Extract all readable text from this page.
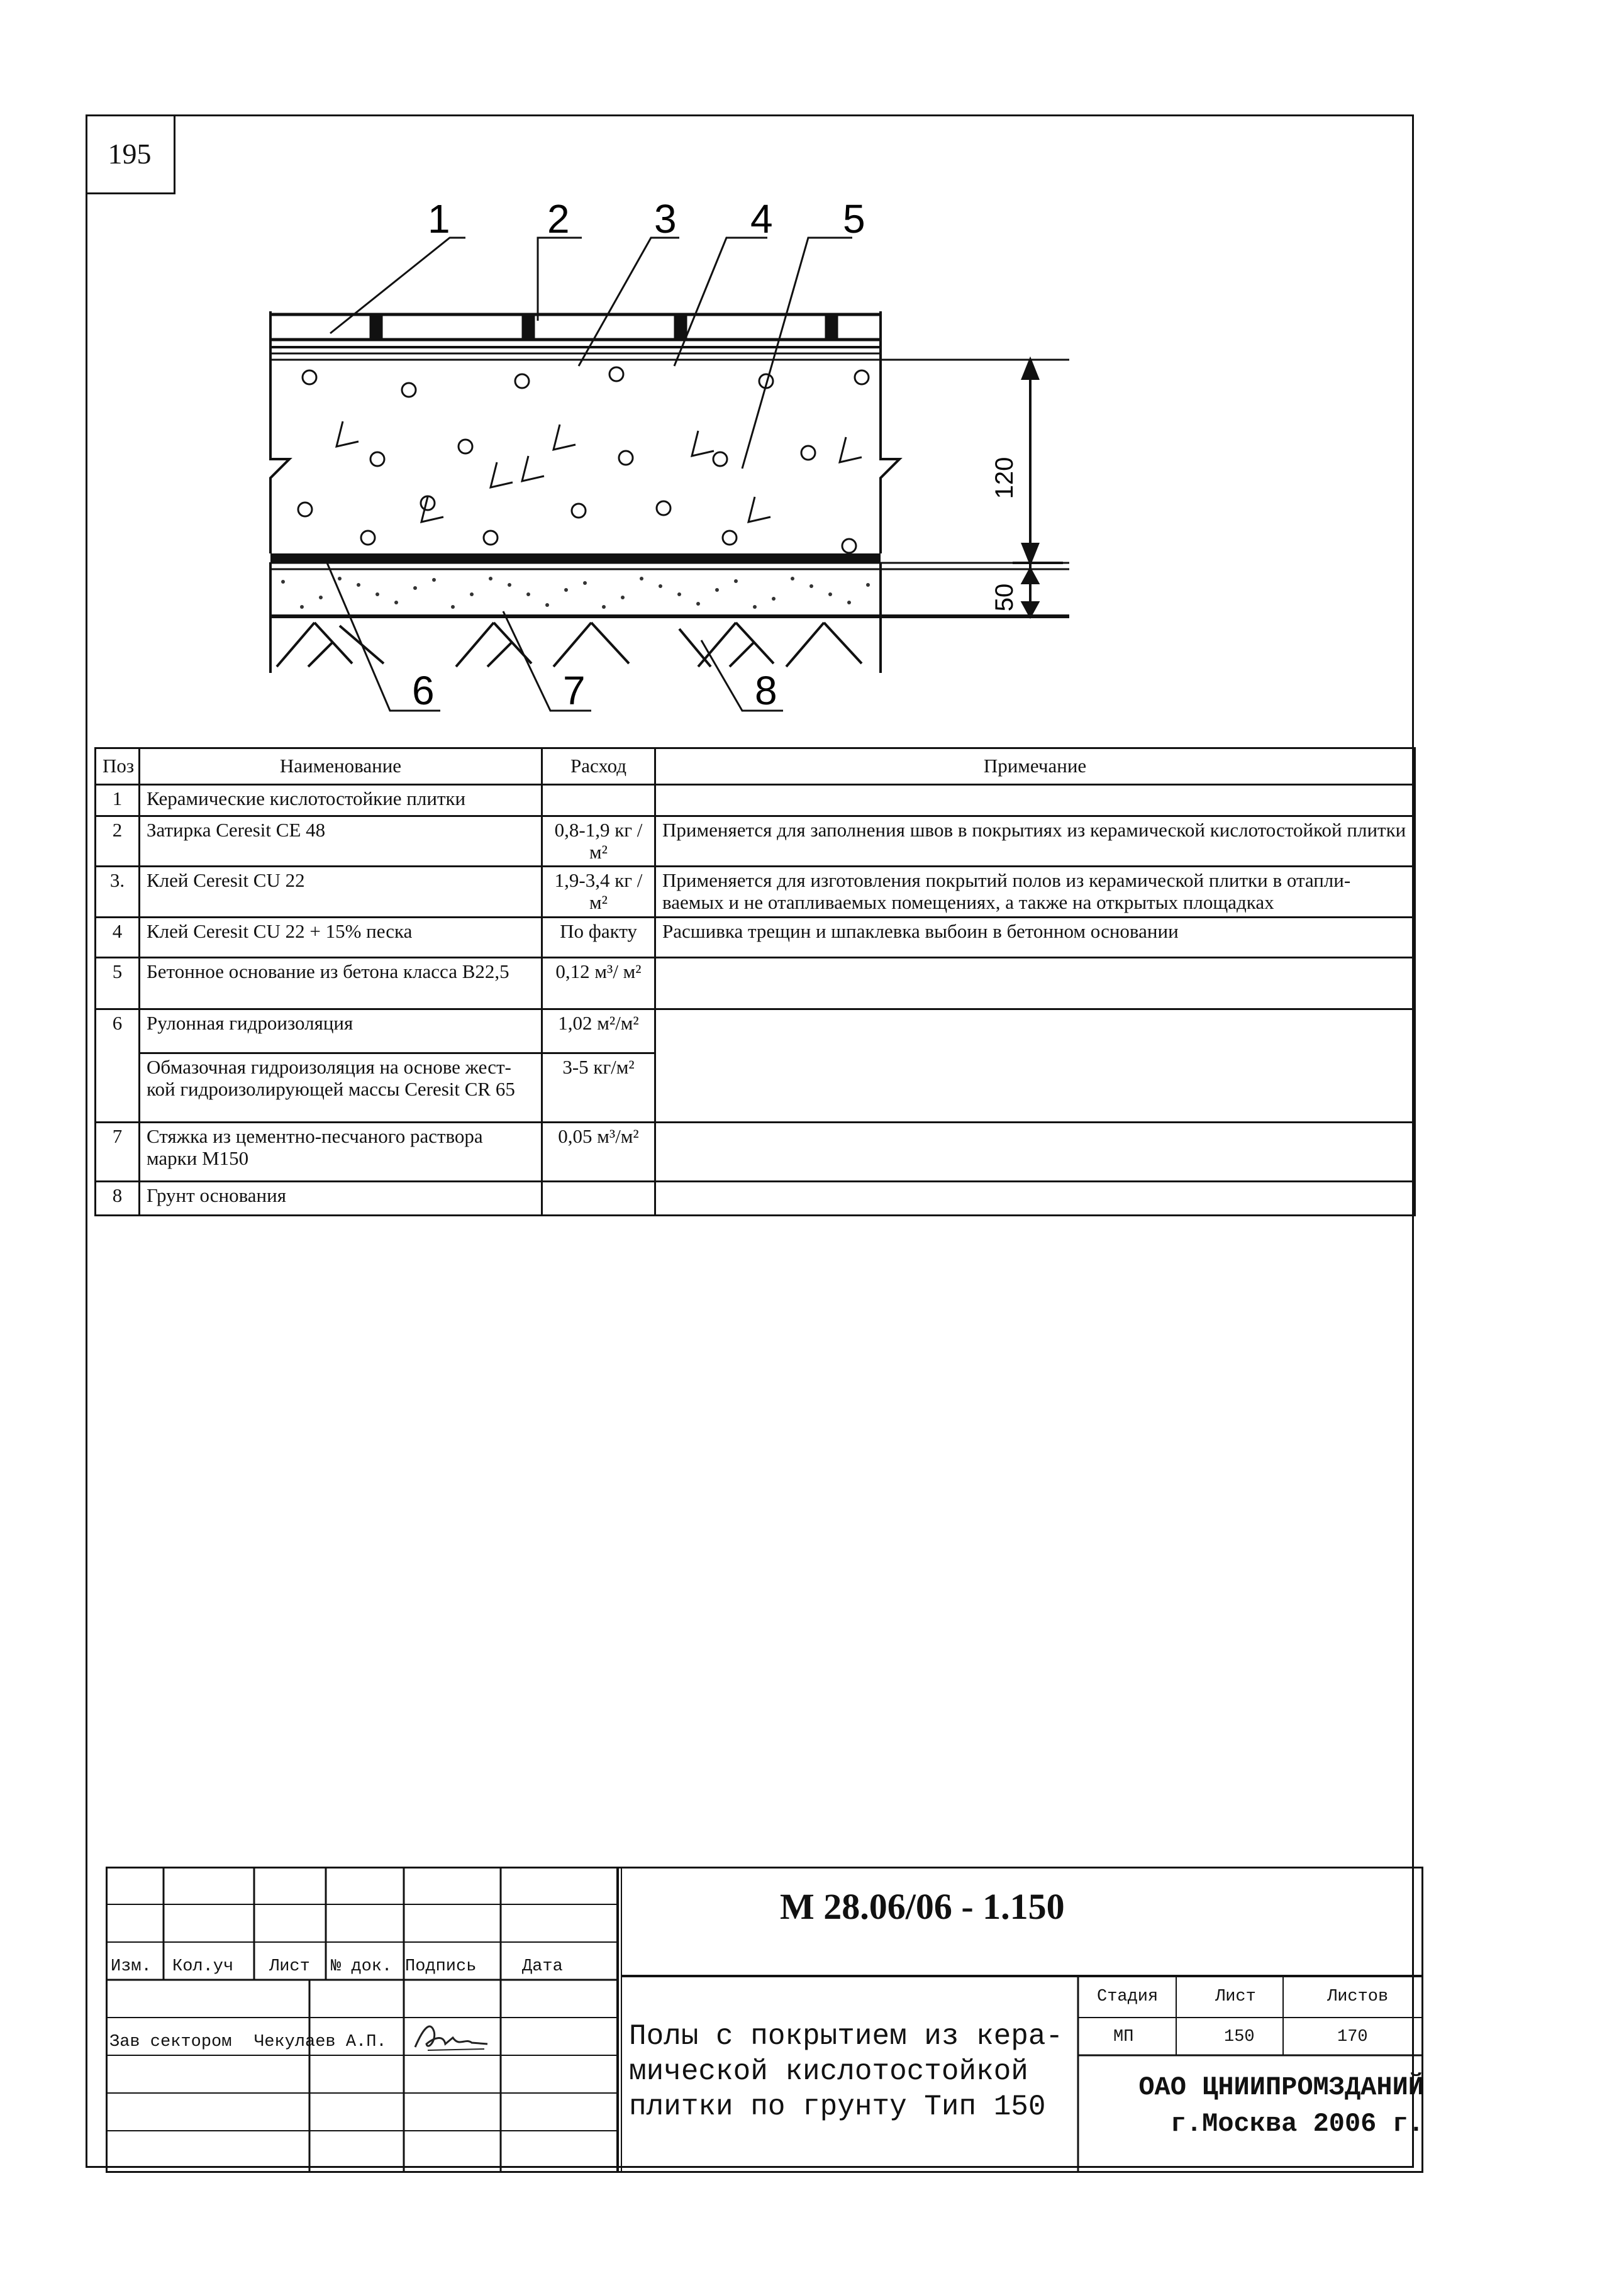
195
120
50
1 2 3 4 5
6	7	8
Поз	Наименование	Расход	Примечание
1	Керамические кислотостойкие плитки		
2	Затирка Ceresit CE 48	0,8-1,9 кг / м²	Применяется для заполнения швов в покрытиях из керамической кислотостойкой плитки
3.	Клей Ceresit CU 22	1,9-3,4 кг / м²	Применяется для изготовления покрытий полов из керамической плитки в отапли-ваемых и не отапливаемых помещениях, а также на открытых площадках
4	Клей Ceresit CU 22 + 15% песка	По факту	Расшивка трещин и шпаклевка выбоин в бетонном основании
5	Бетонное основание из бетона класса В22,5	0,12 м³/ м²	
6	Рулонная гидроизоляция	1,02 м²/м²	
	Обмазочная гидроизоляция на основе жест-кой гидроизолирующей массы Ceresit CR 65	3-5 кг/м²	
7	Стяжка из цементно-песчаного раствора марки М150	0,05 м³/м²	
8	Грунт основания		
М 28.06/06 - 1.150
Изм. Кол.уч Лист № док. Подпись	Дата
Зав сектором Чекулаев А.П.	Полы с покрытием из кера-
мической кислотостойкой
плитки по грунту Тип 150
Стадия	Лист	Листов
МП	150	170
ОАО ЦНИИПРОМЗДАНИЙ
г.Москва 2006 г.
